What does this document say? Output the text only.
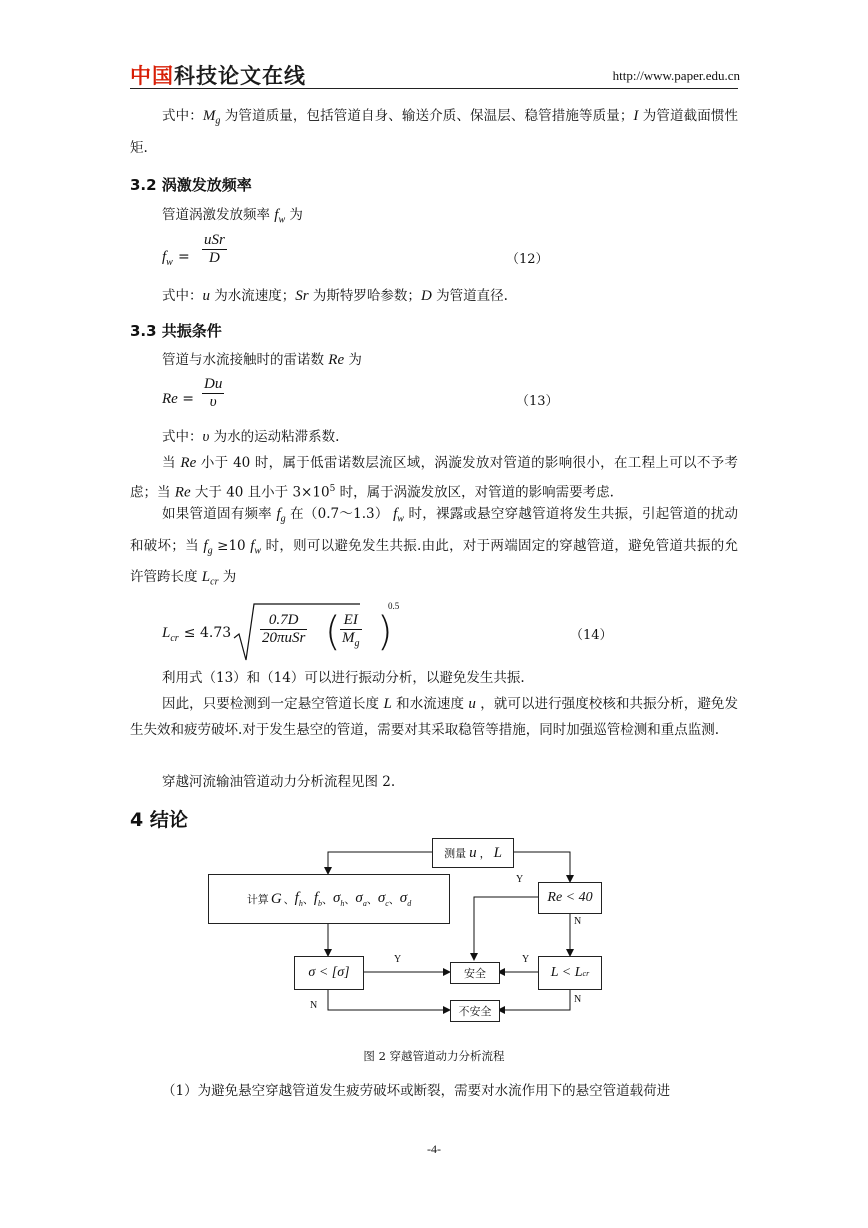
中国科技论文在线	http://www.paper.edu.cn
式中：$M_g$ 为管道质量，包括管道自身、输送介质、保温层、稳管措施等质量；I 为管道截面惯性矩.
3.2 涡激发放频率
管道涡激发放频率 $f_w$ 为
$f_w$ =
uSr
D	（12）
式中：u 为水流速度；Sr 为斯特罗哈参数；D 为管道直径.
3.3 共振条件
管道与水流接触时的雷诺数 Re 为
$Re = \frac{Du}{\upsilon}$	（13）
式中：υ 为水的运动粘滞系数.
当 Re 小于 40 时，属于低雷诺数层流区域，涡漩发放对管道的影响很小，在工程上可以不予考虑；当 Re 大于 40 且小于 $3\times 10^5$ 时，属于涡漩发放区，对管道的影响需要考虑.
如果管道固有频率 $f_g$ 在（0.7～1.3） $f_w$ 时，裸露或悬空穿越管道将发生共振，引起管道的扰动和破坏；当 $f_g \ge 10$ $f_w$ 时，则可以避免发生共振.由此，对于两端固定的穿越管道，避免管道共振的允许管跨长度 $L_{cr}$ 为
$L_{cr} \le 4.73$
0.7D
20πuSr ( $\frac{EI}{M_g}$ )
0.5
（14）
利用式（13）和（14）可以进行振动分析，以避免发生共振.
因此，只要检测到一定悬空管道长度 L 和水流速度 u ，就可以进行强度校核和共振分析，避免发生失效和疲劳破坏.对于发生悬空的管道，需要对其采取稳管等措施，同时加强巡管检测和重点监测.
穿越河流输油管道动力分析流程见图 2.
4 结论
测量 u ， L
计算 G 、 $f_h$ 、 $f_b$ 、 $\sigma_h$ 、 $\sigma_a$ 、 $\sigma_c$ 、 $\sigma_d$	Re < 40
σ < [σ]	安全	L < L cr
不安全
Y
N
Y	Y
N
N
图 2 穿越管道动力分析流程
（1）为避免悬空穿越管道发生疲劳破坏或断裂，需要对水流作用下的悬空管道载荷进
-4-
